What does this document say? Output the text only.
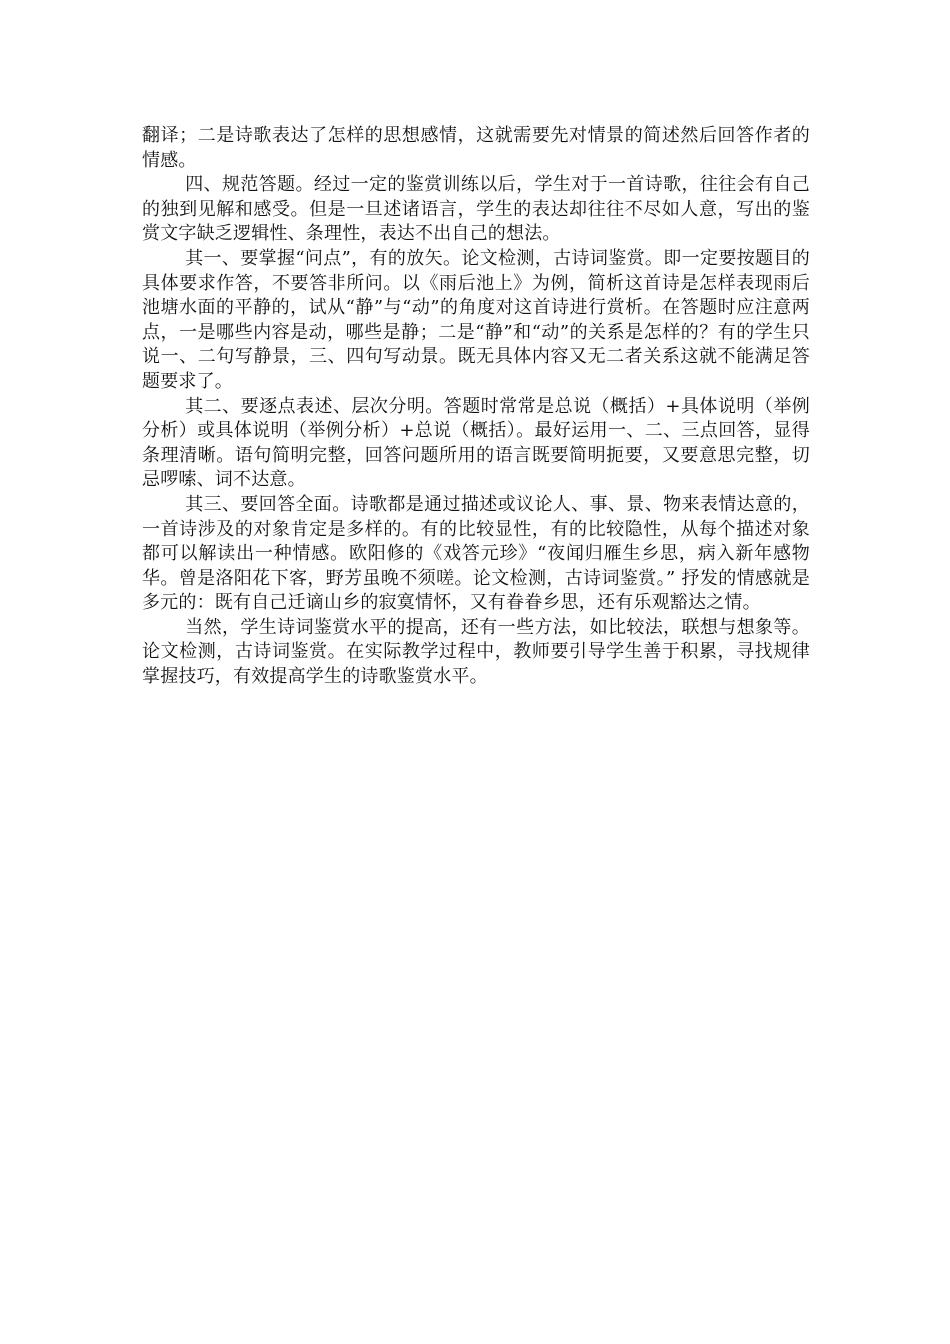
翻译；二是诗歌表达了怎样的思想感情，这就需要先对情景的简述然后回答作者的情感。

四、规范答题。经过一定的鉴赏训练以后，学生对于一首诗歌，往往会有自己的独到见解和感受。但是一旦述诸语言，学生的表达却往往不尽如人意，写出的鉴赏文字缺乏逻辑性、条理性，表达不出自己的想法。

其一、要掌握“问点”，有的放矢。论文检测，古诗词鉴赏。即一定要按题目的具体要求作答，不要答非所问。以《雨后池上》为例，简析这首诗是怎样表现雨后池塘水面的平静的，试从“静”与“动”的角度对这首诗进行赏析。在答题时应注意两点，一是哪些内容是动，哪些是静；二是“静”和“动”的关系是怎样的？有的学生只说一、二句写静景，三、四句写动景。既无具体内容又无二者关系这就不能满足答题要求了。

其二、要逐点表述、层次分明。答题时常常是总说（概括）+具体说明（举例分析）或具体说明（举例分析）+总说（概括）。最好运用一、二、三点回答，显得条理清晰。语句简明完整，回答问题所用的语言既要简明扼要，又要意思完整，切忌啰嗦、词不达意。

其三、要回答全面。诗歌都是通过描述或议论人、事、景、物来表情达意的，一首诗涉及的对象肯定是多样的。有的比较显性，有的比较隐性，从每个描述对象都可以解读出一种情感。欧阳修的《戏答元珍》“夜闻归雁生乡思，病入新年感物华。曾是洛阳花下客，野芳虽晚不须嗟。论文检测，古诗词鉴赏。” 抒发的情感就是多元的：既有自己迁谪山乡的寂寞情怀，又有眷眷乡思，还有乐观豁达之情。

当然，学生诗词鉴赏水平的提高，还有一些方法，如比较法，联想与想象等。论文检测，古诗词鉴赏。在实际教学过程中，教师要引导学生善于积累，寻找规律掌握技巧，有效提高学生的诗歌鉴赏水平。
